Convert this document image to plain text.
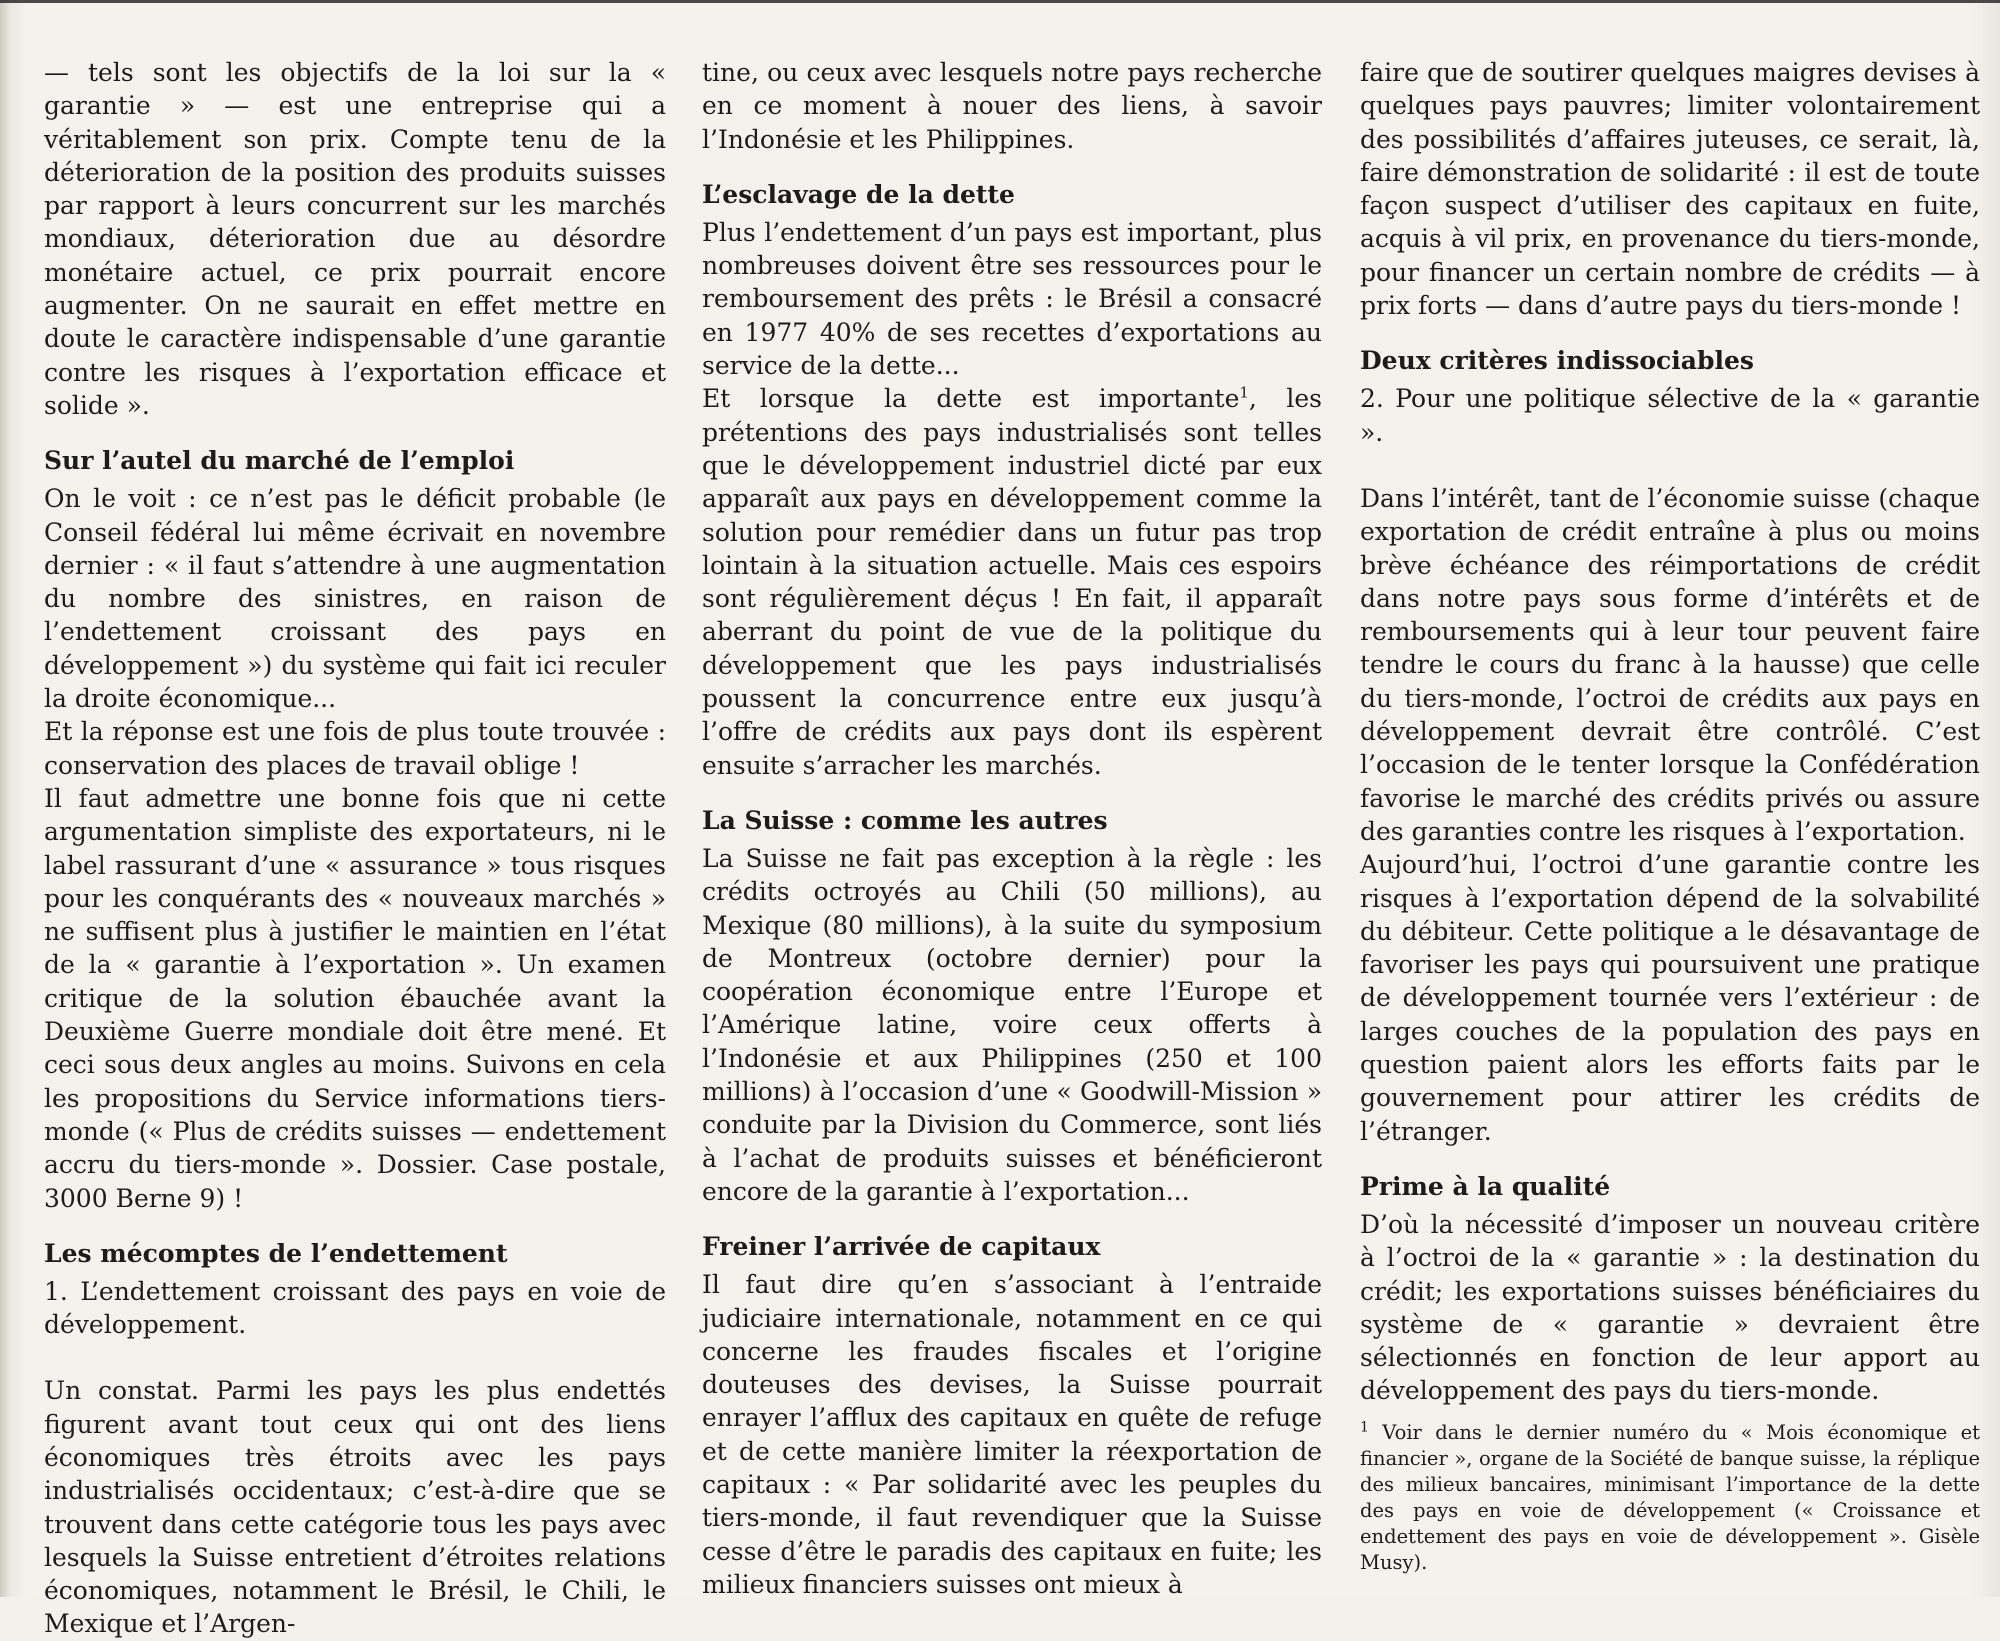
— tels sont les objectifs de la loi sur la « garantie » — est une entreprise qui a véritablement son prix. Compte tenu de la déterioration de la position des produits suisses par rapport à leurs concurrent sur les marchés mondiaux, déterioration due au désordre monétaire actuel, ce prix pourrait encore augmenter. On ne saurait en effet mettre en doute le caractère indispensable d’une garantie contre les risques à l’exportation efficace et solide ».

Sur l’autel du marché de l’emploi

On le voit : ce n’est pas le déficit probable (le Conseil fédéral lui même écrivait en novembre dernier : « il faut s’attendre à une augmentation du nombre des sinistres, en raison de l’endettement croissant des pays en développement ») du système qui fait ici reculer la droite économique...

Et la réponse est une fois de plus toute trouvée : conservation des places de travail oblige !

Il faut admettre une bonne fois que ni cette argumentation simpliste des exportateurs, ni le label rassurant d’une « assurance » tous risques pour les conquérants des « nouveaux marchés » ne suffisent plus à justifier le maintien en l’état de la « garantie à l’exportation ». Un examen critique de la solution ébauchée avant la Deuxième Guerre mondiale doit être mené. Et ceci sous deux angles au moins. Suivons en cela les propositions du Service informations tiers-monde (« Plus de crédits suisses — endettement accru du tiers-monde ». Dossier. Case postale, 3000 Berne 9) !

Les mécomptes de l’endettement

1. L’endettement croissant des pays en voie de développement.

Un constat. Parmi les pays les plus endettés figurent avant tout ceux qui ont des liens économiques très étroits avec les pays industrialisés occidentaux; c’est-à-dire que se trouvent dans cette catégorie tous les pays avec lesquels la Suisse entretient d’étroites relations économiques, notamment le Brésil, le Chili, le Mexique et l’Argen-

tine, ou ceux avec lesquels notre pays recherche en ce moment à nouer des liens, à savoir l’Indonésie et les Philippines.

L’esclavage de la dette

Plus l’endettement d’un pays est important, plus nombreuses doivent être ses ressources pour le remboursement des prêts : le Brésil a consacré en 1977 40% de ses recettes d’exportations au service de la dette...

Et lorsque la dette est importante$^1$, les prétentions des pays industrialisés sont telles que le développement industriel dicté par eux apparaît aux pays en développement comme la solution pour remédier dans un futur pas trop lointain à la situation actuelle. Mais ces espoirs sont régulièrement déçus ! En fait, il apparaît aberrant du point de vue de la politique du développement que les pays industrialisés poussent la concurrence entre eux jusqu’à l’offre de crédits aux pays dont ils espèrent ensuite s’arracher les marchés.

La Suisse : comme les autres

La Suisse ne fait pas exception à la règle : les crédits octroyés au Chili (50 millions), au Mexique (80 millions), à la suite du symposium de Montreux (octobre dernier) pour la coopération économique entre l’Europe et l’Amérique latine, voire ceux offerts à l’Indonésie et aux Philippines (250 et 100 millions) à l’occasion d’une « Goodwill-Mission » conduite par la Division du Commerce, sont liés à l’achat de produits suisses et bénéficieront encore de la garantie à l’exportation...

Freiner l’arrivée de capitaux

Il faut dire qu’en s’associant à l’entraide judiciaire internationale, notamment en ce qui concerne les fraudes fiscales et l’origine douteuses des devises, la Suisse pourrait enrayer l’afflux des capitaux en quête de refuge et de cette manière limiter la réexportation de capitaux : « Par solidarité avec les peuples du tiers-monde, il faut revendiquer que la Suisse cesse d’être le paradis des capitaux en fuite; les milieux financiers suisses ont mieux à

faire que de soutirer quelques maigres devises à quelques pays pauvres; limiter volontairement des possibilités d’affaires juteuses, ce serait, là, faire démonstration de solidarité : il est de toute façon suspect d’utiliser des capitaux en fuite, acquis à vil prix, en provenance du tiers-monde, pour financer un certain nombre de crédits — à prix forts — dans d’autre pays du tiers-monde !

Deux critères indissociables

2. Pour une politique sélective de la « garantie ».

Dans l’intérêt, tant de l’économie suisse (chaque exportation de crédit entraîne à plus ou moins brève échéance des réimportations de crédit dans notre pays sous forme d’intérêts et de remboursements qui à leur tour peuvent faire tendre le cours du franc à la hausse) que celle du tiers-monde, l’octroi de crédits aux pays en développement devrait être contrôlé. C’est l’occasion de le tenter lorsque la Confédération favorise le marché des crédits privés ou assure des garanties contre les risques à l’exportation.

Aujourd’hui, l’octroi d’une garantie contre les risques à l’exportation dépend de la solvabilité du débiteur. Cette politique a le désavantage de favoriser les pays qui poursuivent une pratique de développement tournée vers l’extérieur : de larges couches de la population des pays en question paient alors les efforts faits par le gouvernement pour attirer les crédits de l’étranger.

Prime à la qualité

D’où la nécessité d’imposer un nouveau critère à l’octroi de la « garantie » : la destination du crédit; les exportations suisses bénéficiaires du système de « garantie » devraient être sélectionnés en fonction de leur apport au développement des pays du tiers-monde.

$^1$ Voir dans le dernier numéro du « Mois économique et financier », organe de la Société de banque suisse, la réplique des milieux bancaires, minimisant l’importance de la dette des pays en voie de développement (« Croissance et endettement des pays en voie de développement ». Gisèle Musy).
